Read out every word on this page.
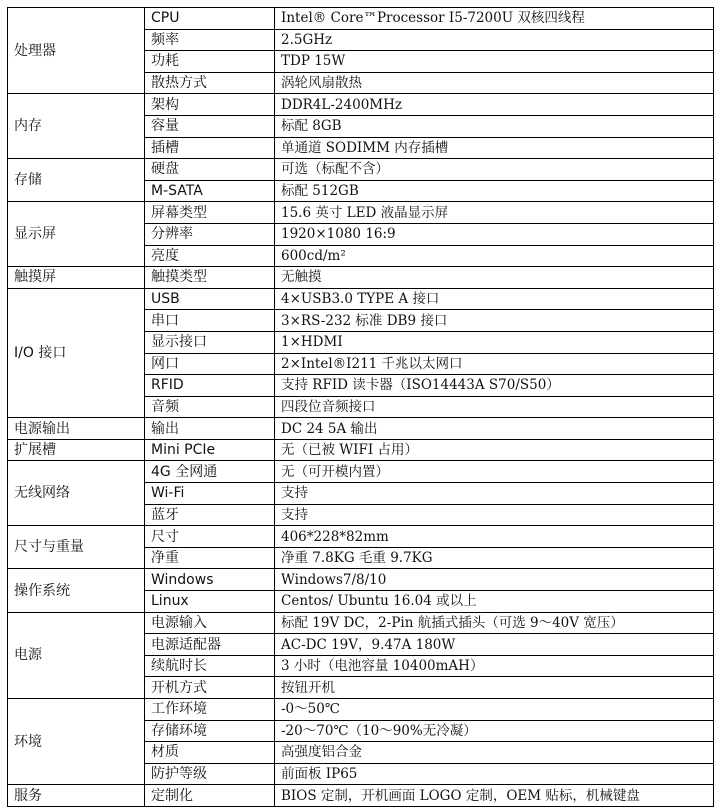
处理器	CPU	Intel® Core™Processor I5-7200U 双核四线程
	频率	2.5GHz
	功耗	TDP 15W
	散热方式	涡轮风扇散热
内存	架构	DDR4L-2400MHz
	容量	标配 8GB
	插槽	单通道 SODIMM 内存插槽
存储	硬盘	可选（标配不含）
	M-SATA	标配 512GB
显示屏	屏幕类型	15.6 英寸 LED 液晶显示屏
	分辨率	1920×1080 16:9
	亮度	600cd/m²
触摸屏	触摸类型	无触摸
I/O 接口	USB	4×USB3.0 TYPE A 接口
	串口	3×RS-232 标准 DB9 接口
	显示接口	1×HDMI
	网口	2×Intel®I211 千兆以太网口
	RFID	支持 RFID 读卡器（ISO14443A S70/S50）
	音频	四段位音频接口
电源输出	输出	DC 24 5A 输出
扩展槽	Mini PCIe	无（已被 WIFI 占用）
无线网络	4G 全网通	无（可开模内置）
	Wi-Fi	支持
	蓝牙	支持
尺寸与重量	尺寸	406*228*82mm
	净重	净重 7.8KG 毛重 9.7KG
操作系统	Windows	Windows7/8/10
	Linux	Centos/ Ubuntu 16.04 或以上
电源	电源输入	标配 19V DC，2-Pin 航插式插头（可选 9～40V 宽压）
	电源适配器	AC-DC 19V，9.47A 180W
	续航时长	3 小时（电池容量 10400mAH）
	开机方式	按钮开机
环境	工作环境	-0～50℃
	存储环境	-20～70℃（10～90%无冷凝）
	材质	高强度铝合金
	防护等级	前面板 IP65
服务	定制化	BIOS 定制，开机画面 LOGO 定制，OEM 贴标，机械键盘
